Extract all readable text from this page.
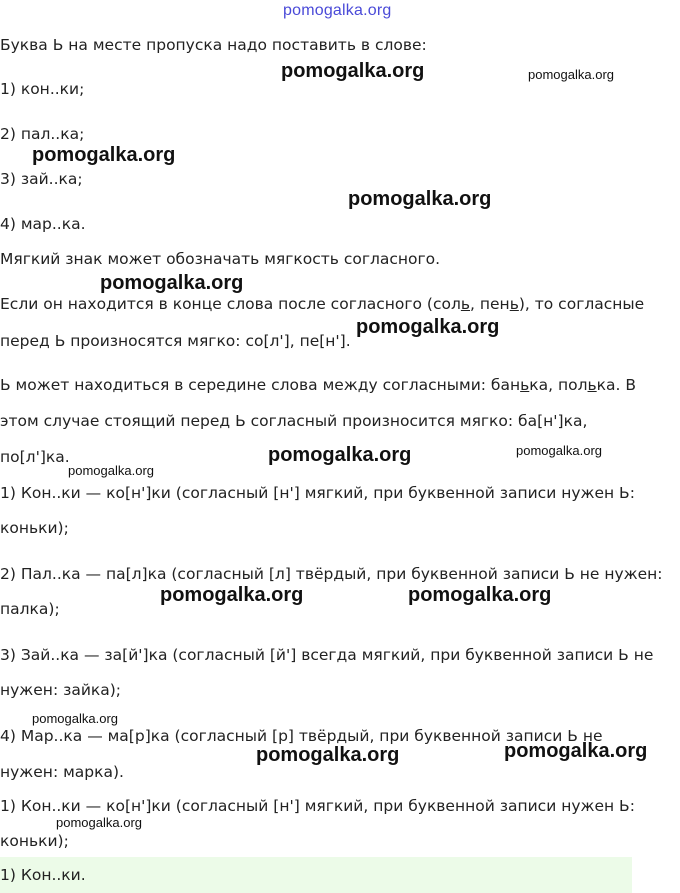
pomogalka.org
pomogalka.org	pomogalka.org
pomogalka.org
pomogalka.org
pomogalka.org
pomogalka.org
pomogalka.org	pomogalka.org
pomogalka.org
pomogalka.org	pomogalka.org
pomogalka.org
pomogalka.org	pomogalka.org
pomogalka.org
Буква Ь на месте пропуска надо поставить в слове:
1) кон..ки;
2) пал..ка;
3) зай..ка;
4) мар..ка.
Мягкий знак может обозначать мягкость согласного.
Если он находится в конце слова после согласного (соль, пень), то согласные
перед Ь произносятся мягко: со[л'], пе[н'].
Ь может находиться в середине слова между согласными: банька, полька. В
этом случае стоящий перед Ь согласный произносится мягко: ба[н']ка,
по[л']ка.
1) Кон..ки — ко[н']ки (согласный [н'] мягкий, при буквенной записи нужен Ь:
коньки);
2) Пал..ка — па[л]ка (согласный [л] твёрдый, при буквенной записи Ь не нужен:
палка);
3) Зай..ка — за[й']ка (согласный [й'] всегда мягкий, при буквенной записи Ь не
нужен: зайка);
4) Мар..ка — ма[р]ка (согласный [р] твёрдый, при буквенной записи Ь не
нужен: марка).
1) Кон..ки — ко[н']ки (согласный [н'] мягкий, при буквенной записи нужен Ь:
коньки);
1) Кон..ки.
